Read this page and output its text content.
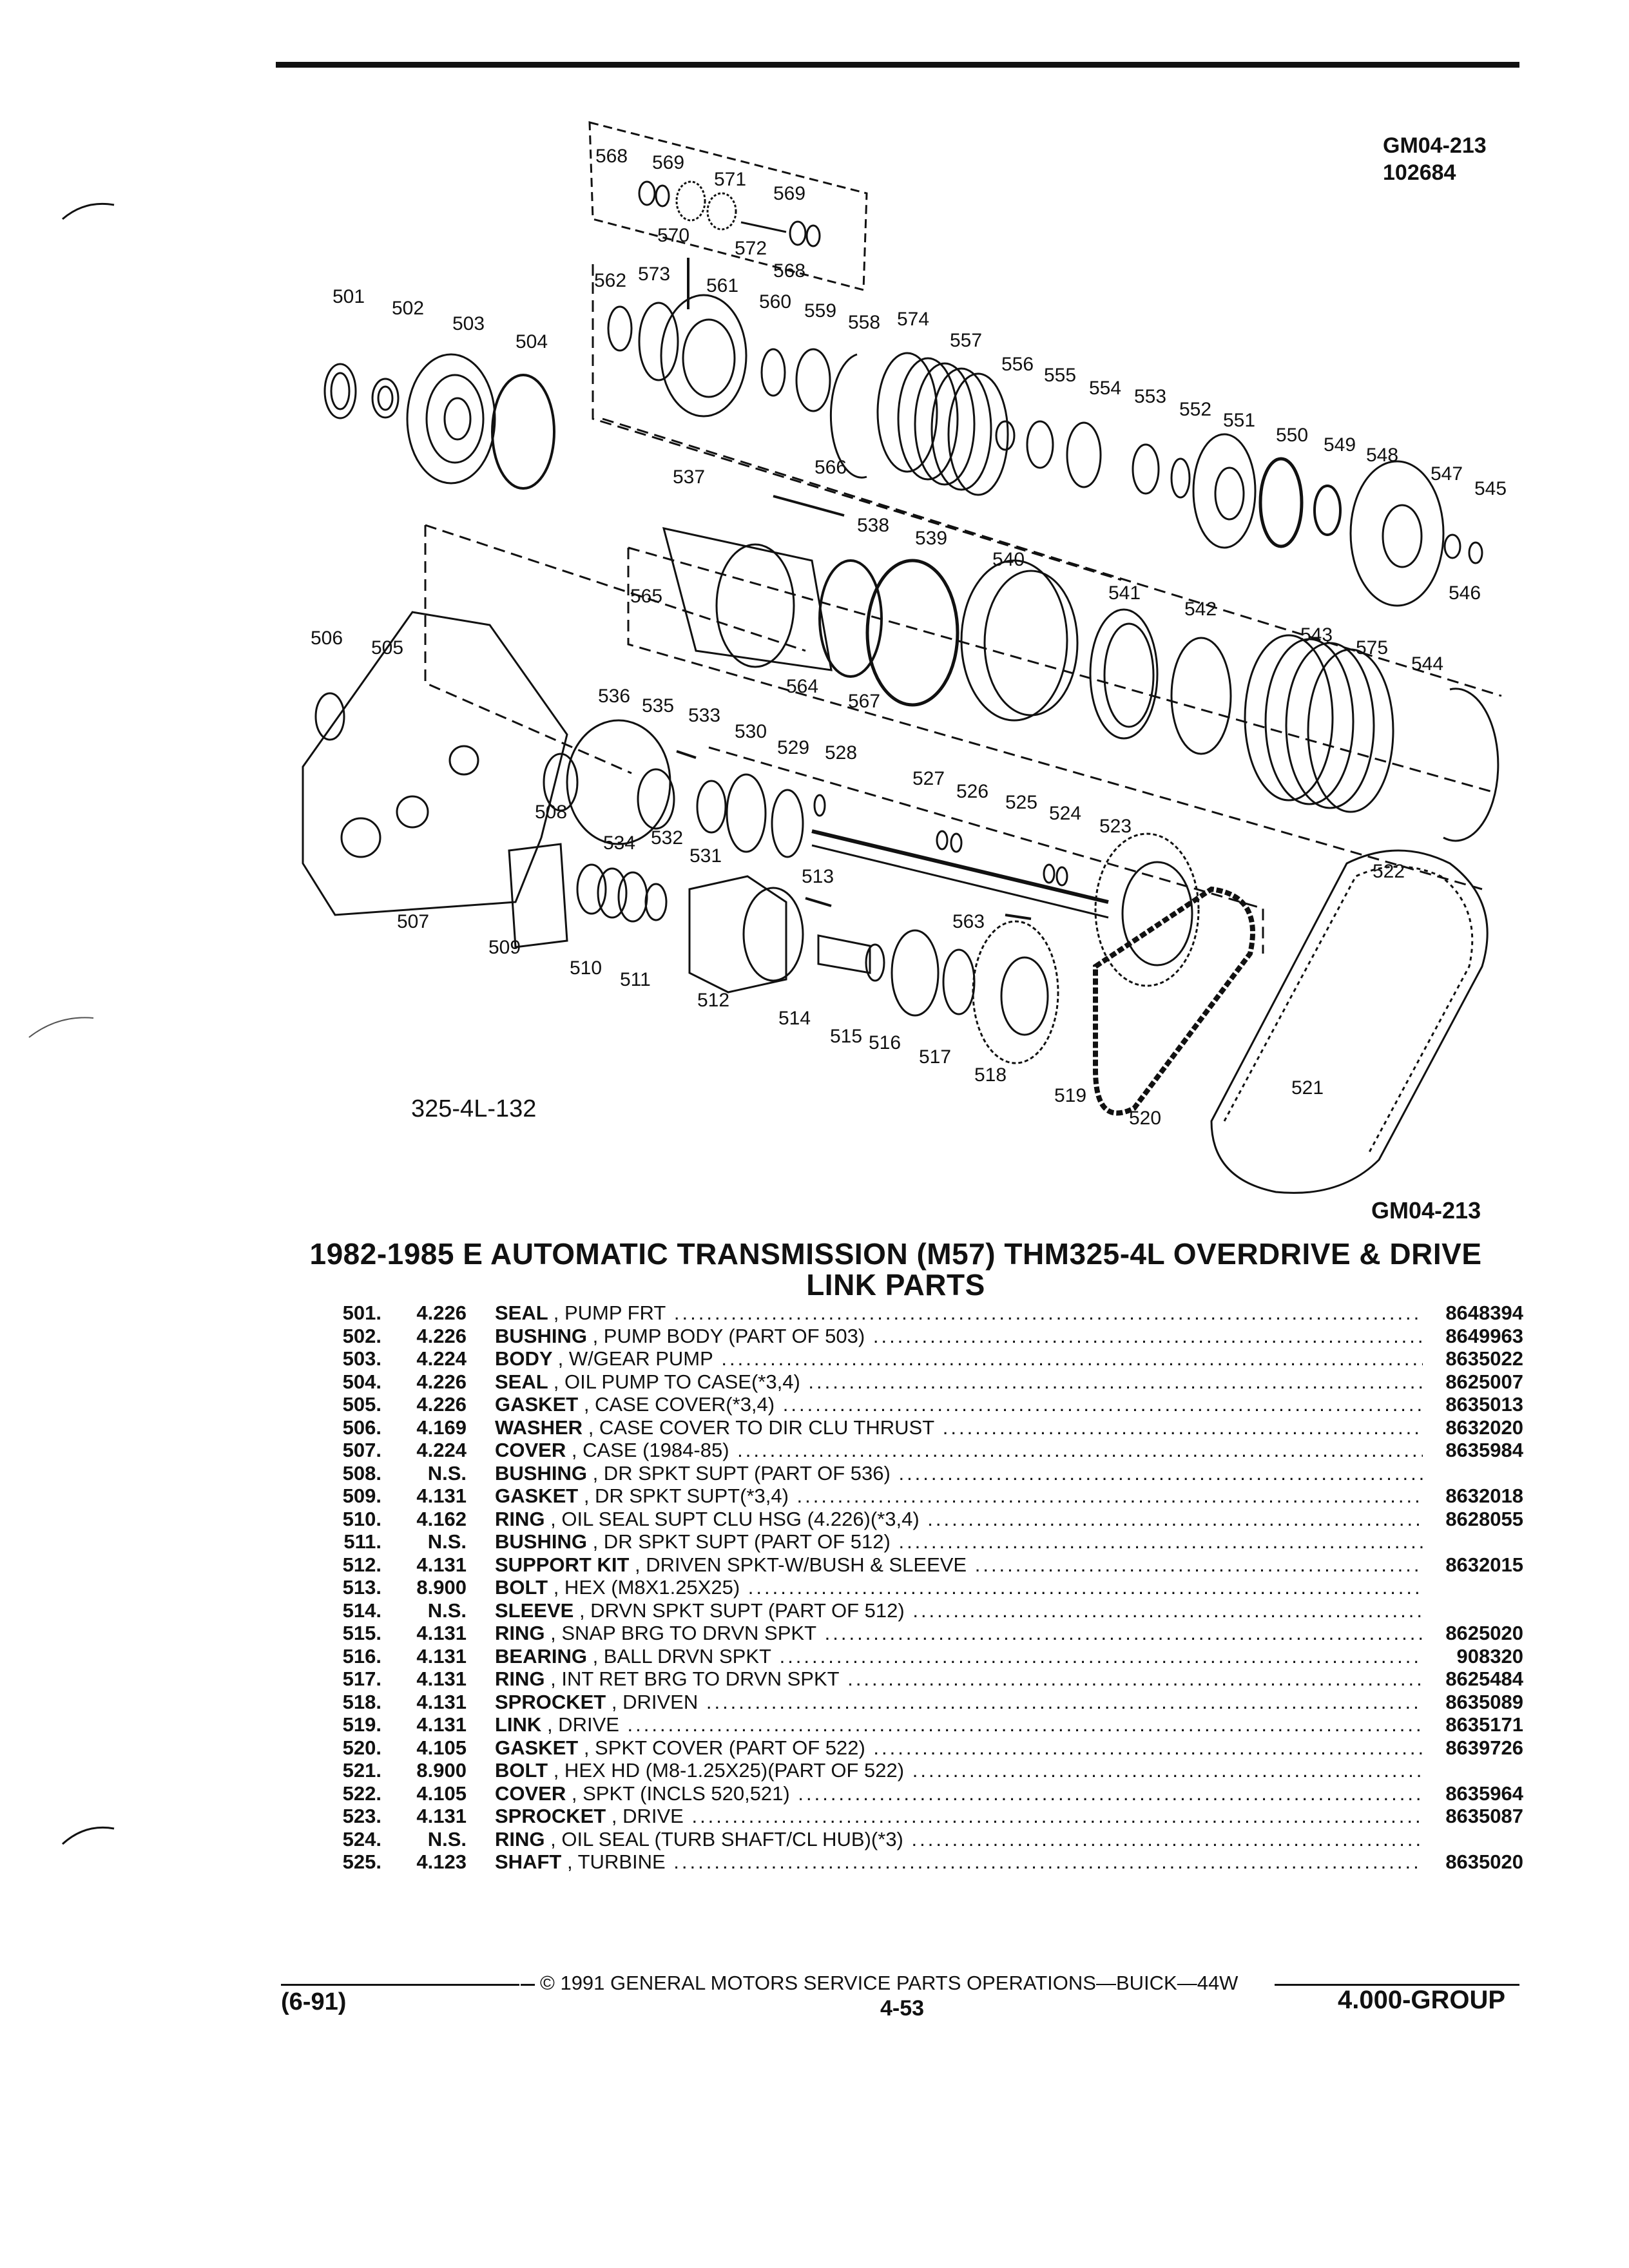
GM04-213
102684
568 569
571
569
570
572
568
562 573
561
560 559
558 574
557
556
555
554 553
552
551
550 549 548
547
545
546
501
502
503
504
537	566
538
539
540
541
542
543
575
544
565
506 505
536 535 533
564
567
530
529 528
527
526
525
524
523
508
534 532
531
513
563
522
507
509
510
511
512
514
515 516
517
518
519
520
521
325-4L-132
GM04-213
1982-1985 E AUTOMATIC TRANSMISSION (M57) THM325-4L OVERDRIVE & DRIVE
LINK PARTS
501.	4.226 SEAL , PUMP FRT .....	8648394
502.	4.226 BUSHING , PUMP BODY (PART OF 503) .....	8649963
503.	4.224 BODY , W/GEAR PUMP .....	8635022
504.	4.226 SEAL , OIL PUMP TO CASE(*3,4) .....	8625007
505.	4.226 GASKET , CASE COVER(*3,4) .....	8635013
506.	4.169 WASHER , CASE COVER TO DIR CLU THRUST .....	8632020
507.	4.224 COVER , CASE (1984-85) .....	8635984
508.	N.S. BUSHING , DR SPKT SUPT (PART OF 536) .....
509.	4.131 GASKET , DR SPKT SUPT(*3,4) .....	8632018
510.	4.162 RING , OIL SEAL SUPT CLU HSG (4.226)(*3,4) .....	8628055
511.	N.S. BUSHING , DR SPKT SUPT (PART OF 512) .....
512.	4.131 SUPPORT KIT , DRIVEN SPKT-W/BUSH & SLEEVE .....	8632015
513.	8.900 BOLT , HEX (M8X1.25X25) .....
514.	N.S. SLEEVE , DRVN SPKT SUPT (PART OF 512) .....
515.	4.131 RING , SNAP BRG TO DRVN SPKT .....	8625020
516.	4.131 BEARING , BALL DRVN SPKT .....	908320
517.	4.131 RING , INT RET BRG TO DRVN SPKT .....	8625484
518.	4.131 SPROCKET , DRIVEN .....	8635089
519.	4.131 LINK , DRIVE .....	8635171
520.	4.105 GASKET , SPKT COVER (PART OF 522) .....	8639726
521.	8.900 BOLT , HEX HD (M8-1.25X25)(PART OF 522) .....
522.	4.105 COVER , SPKT (INCLS 520,521) .....	8635964
523.	4.131 SPROCKET , DRIVE .....	8635087
524.	N.S. RING , OIL SEAL (TURB SHAFT/CL HUB)(*3) .....
525.	4.123 SHAFT , TURBINE .....	8635020
© 1991 GENERAL MOTORS SERVICE PARTS OPERATIONS—BUICK—44W
(6-91)	4-53	4.000-GROUP
